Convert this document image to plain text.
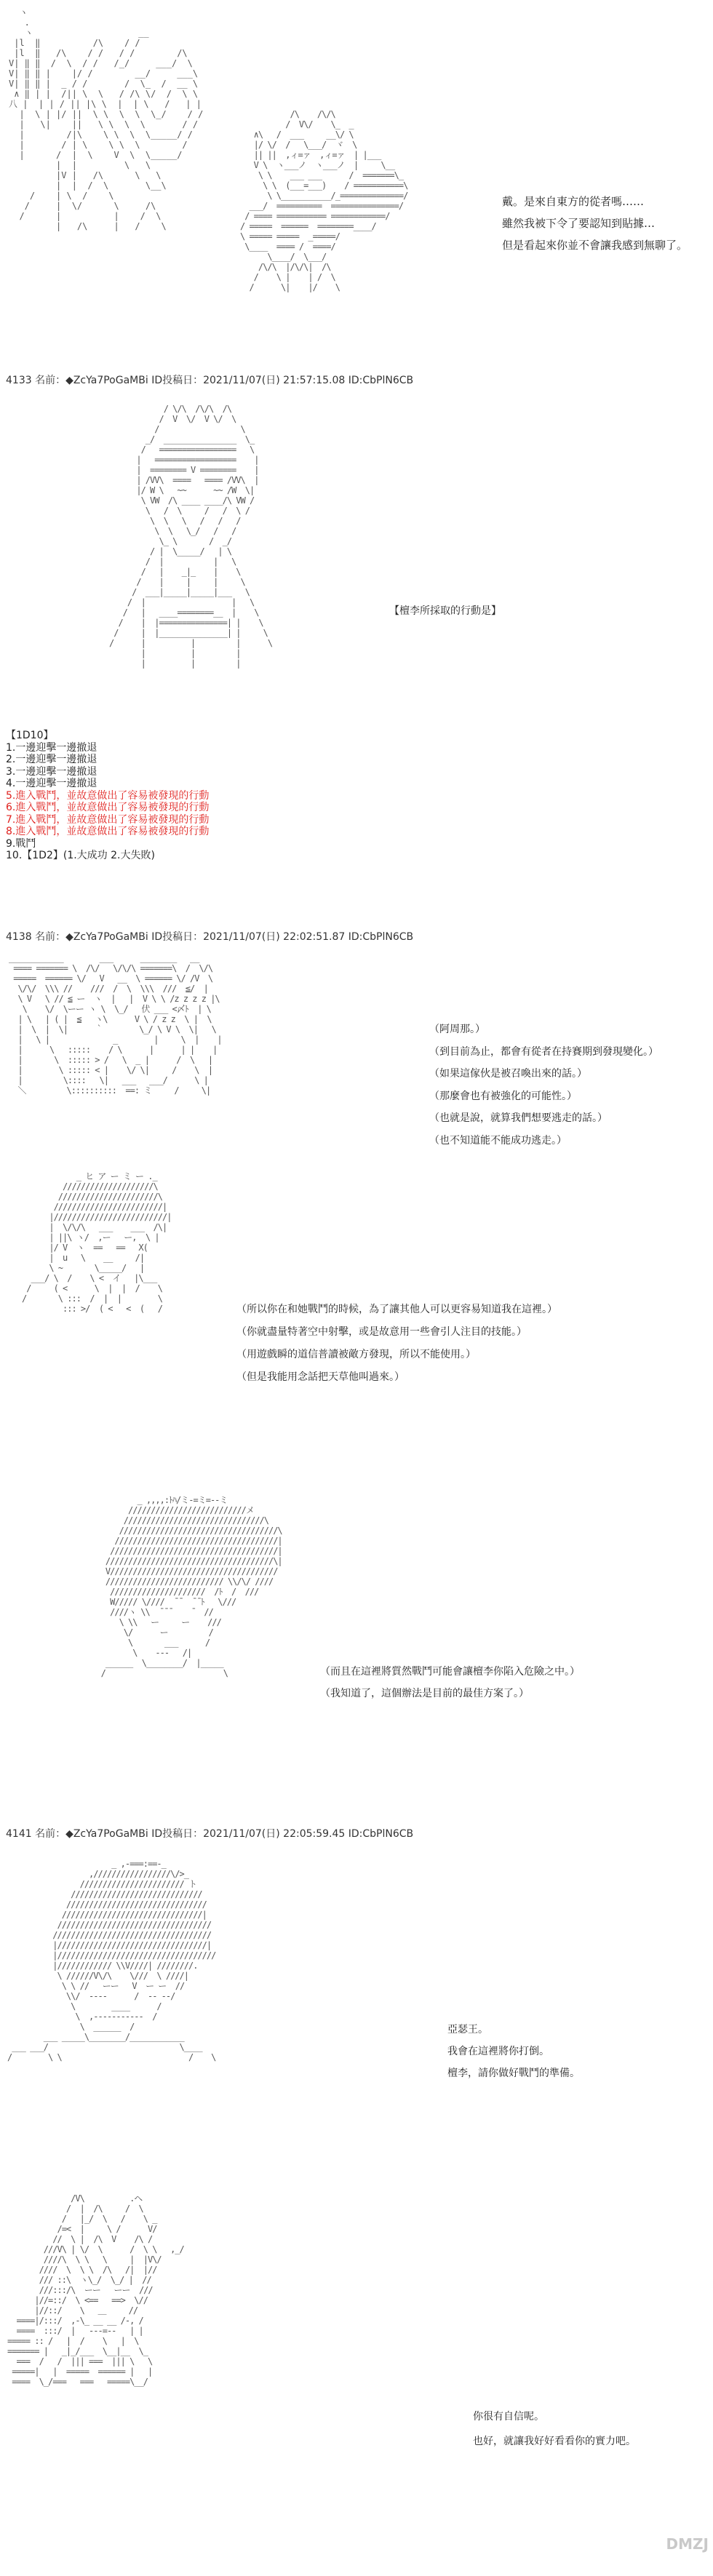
ヽ
.
ヽ                    __
|l  ‖          /\    / /
|l  ‖   /\    / /   / /        /\
V| ‖ ‖  /  \  / /   /_/     ___/  \
V| ‖ ‖ |    |/ /        __/     ___\
V| ‖ ‖ |  _ / /       /  \_  /  __ \
∧ ‖ | |  /|| \  \   / /\ \/  /  \ \
八 |  | | / || |\ \  |  | \   /   | |
|  \ | |/ ||  \ \  \  \  \_/    / /
|   \|    ||   \ \  \  \       / /
|        /|\    \ \  \  \_____/ /
|       / | \    \ \  \        /
|      /  |  \    V  \  \_____/
|  |         \   \
|V |   /\      \   \
|  |  /  \       \__\
/    | \  /    \
/     |  \/      \     /\
/      |          |    /  \
|   /\     |   /    \

/\    /\/\
/  V\/    \_  _
∧\   /  ___     __\/ \
|/ \/  /   \___/  ヾ  \
|| ||  ,ィ=ァ  ,ィ=ァ  | |___
V \  ヽ___ノ  ヽ___ノ  |     \__
\ \    ___ ___      /  =======\_
\ \  (___=___)    / ===========\
\ \___________/_==============/
___/  ==========  ===============/
/ ==== =========== ============/
/ =====  ======  ========____/
\ ===== =====  _=====/
\____  ==== /  ====/
\____/  \___/
/\/\  |/\/\|  /\
/    \ |    | /  \
/      \|    |/    \

戴。是來自東方的從者嗎……

雖然我被下令了要認知到貼據…

但是看起來你並不會讓我感到無聊了。

4133 名前：◆ZcYa7PoGaMBi ID投稿日：2021/11/07(日) 21:57:15.08 ID:CbPlN6CB
/ \/\  /\/\  /\
/  V  \/  V \/  \
/                  \
_/  ________________  \_
/   =================   \
|   ==================    |
|  ======== V ========    |
| /VV\  ====   ==== /VV\  |
|/ W \   ~~      ~~ /W  \|
\ VW  /\ ____ ____/\ VW /
\   /  \     /   /  \ /
\  \   \   /   /   /
\  \   \_/   /   /
\_ \       /  _/
/ |  \_____/   | \
/  |           |   \
/   |    _|_    |    \
/    |     |     |     \
/  ___|_____|_____|___   \
/  |                   |   \
/   |   ____========__  |    \
/    |  |===============| |    \
/     |  |_______________| |     \
/      |          |         |      \
|          |         |
|          |         |

【檀李所採取的行動是】
【1D10】
1.一邊迎擊一邊撤退
2.一邊迎擊一邊撤退
3.一邊迎擊一邊撤退
4.一邊迎擊一邊撤退
5.進入戰鬥，並故意做出了容易被發現的行動
6.進入戰鬥，並故意做出了容易被發現的行動
7.進入戰鬥，並故意做出了容易被發現的行動
8.進入戰鬥，並故意做出了容易被發現的行動
9.戰鬥
10.【1D2】(1.大成功 2.大失敗)
4138 名前：◆ZcYa7PoGaMBi ID投稿日：2021/11/07(日) 22:02:51.87 ID:CbPlN6CB
____________        ___      ________   __
==== ======= \  /\/   \/\/\ =======\  /  \/\
=====  ====== \/   V   __  \ ====== \/ /V  \
\/\/  \\\ //    ///  /  \  \\\  ///  ≦/  |
\ V   \ // ≦ ー  ヽ  |   |  V \ \ /z z z z |\
\    \/  \ーー ヽ \  \_/   伏 ___ <〆ﾄ  | \
| \   | ( |  ≦   ヽ\      V \ / z z  \ |  \
|  \  |  \|      ｀        \_/ \ V \  \|   \
|   \ |              _        |     \  |    |
|      \   :::::    / \      |      | |    |
|       \  ::::: > /   \  _ |      /  \   |
|        \ ::::: < |    \/ \|     /    \  |
|         \::::   \|   ___   ___/      \ |
＼         \::::::::::  ==: ミ     /     \|

（阿周那。）

（到目前為止，都會有從者在持賽期到發現變化。）

（如果這傢伙是被召喚出來的話。）

（那麼會也有被強化的可能性。）

（也就是說，就算我們想要逃走的話。）

（也不知道能不能成功逃走。）

_ ヒ ア ー ミ ー ._
////////////////////\
//////////////////////\
////////////////////////|
|/////////////////////////|
|  \/\/\   ___    ___  /\|
| ||\ ヽ/  ,ー   ー,  \ |
|/ V  ヽ  ==   ==   X(
|  u   \    __     /|
\ ~       \_____/   |
___/ \  /    \ <  イ   |\___
/     ( <      \  |  |  /    \
/       \ :::  /  |  |        \
::: >/  ( <   <  (   /	（所以你在和她戰鬥的時候，為了讓其他人可以更容易知道我在這裡。）

（你就盡量特著空中射擊，或是故意用一些會引人注目的技能。）

（用遊戲瞬的道信普讀被敵方發現，所以不能使用。）

（但是我能用念話把天草他叫過來。）

_ ,,,,:ﾄﾊ/ミ-=ミ=--ミ
//////////////////////////メ
///////////////////////////////\
///////////////////////////////////\
////////////////////////////////////|
/////////////////////////////////////|
/////////////////////////////////////\|
V/////////////////////////////////////
////////////////////////// \\/\/ ////
/////////////////////  /ﾄ  /  ///
W///// \////  ̄ ̄   ̄ ̄ ﾄ   \///
////ヽ \\  ̄ ̄ ̄     ̄   //
\ \\   ー     ー    ///
\/      ー         /
\       ___      /
\    ‐-‐   /|
______  \________/  |_____
/                          \	（而且在這裡將質然戰鬥可能會讓檀李你陷入危險之中。）

（我知道了，這個辦法是目前的最佳方案了。）

4141 名前：◆ZcYa7PoGaMBi ID投稿日：2021/11/07(日) 22:05:59.45 ID:CbPlN6CB
_ ,-===:==-_
,/////////////////\/>_
/////////////////////// ト
/////////////////////////////
///////////////////////////////
///////////////////////////////|
//////////////////////////////////
///////////////////////////////////
|/////////////////////////////////|
|///////////////////////////////////
|//////////// \\V////| ////////.
\ //////V\/\    \///  \ ////|
\ \ //   ーー   V  ー ー  //
\\/  ----      /  -- --/
\        ____      /
\  ,-----------  /
\  ______  /
___ _____\________/____________
___ ___/                             \____
/        \ \                            /    \

亞瑟王。

我會在這裡將你打倒。

檀李，請你做好戰鬥的準備。

/V\          .ヘ
/  |  /\     /  \
/   |_/  \   /    \ _
/=<  |     \ /      V/
//  \ |  /\  V    /\ /
///V\ | \/  \      /  \ \   ,_/
////\  \ \   \     |  |V\/
////  \  \ \  /\   /|  |//
/// ::\  ヽ\_/  \_/ |  //
///:::/\  ーー   ーー  ///
|//=::/  \ <==   ==>  \//
|//::/    \   ＿     //
====|/:::/  ,-\_ __ __ /-, /
====  :::/  |   ---=--   | |
===== :: /   |  /    \   |  \
======= |   _|_/___  \__|__  \_
===  /   /  ||| ===  ||| \   \
=====|   |  =====  ====== |   |
====  \_/===   ===   =====\__/

你很有自信呢。

也好，就讓我好好看看你的實力吧。

DMZJ
